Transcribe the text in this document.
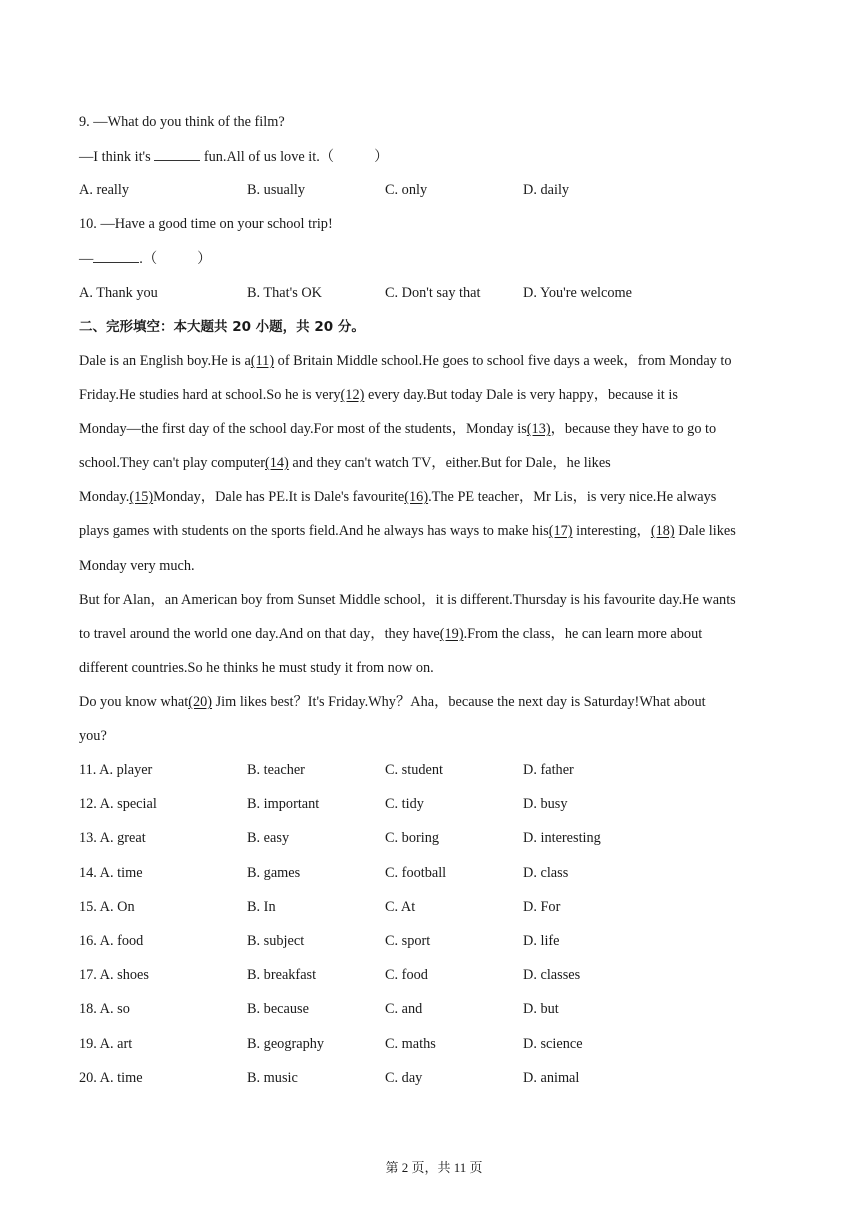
9. —What do you think of the film?
—I think it's	fun.All of us love it.（	）
A. really	B. usually	C. only	D. daily
10. —Have a good time on your school trip!
—	.（	）
A. Thank you	B. That's OK	C. Don't say that	D. You're welcome
二、完形填空：本大题共 20 小题，共 20 分。
Dale is an English boy.He is a(11) of Britain Middle school.He goes to school five days a week，from Monday to
Friday.He studies hard at school.So he is very(12) every day.But today Dale is very happy，because it is
Monday—the first day of the school day.For most of the students，Monday is(13)，because they have to go to
school.They can't play computer(14) and they can't watch TV，either.But for Dale，he likes
Monday.(15)Monday，Dale has PE.It is Dale's favourite(16).The PE teacher，Mr Lis，is very nice.He always
plays games with students on the sports field.And he always has ways to make his(17) interesting，(18) Dale likes
Monday very much.
But for Alan，an American boy from Sunset Middle school，it is different.Thursday is his favourite day.He wants
to travel around the world one day.And on that day，they have(19).From the class，he can learn more about
different countries.So he thinks he must study it from now on.
Do you know what(20) Jim likes best？It's Friday.Why？Aha，because the next day is Saturday!What about
you?
11. A. player	B. teacher	C. student	D. father
12. A. special	B. important	C. tidy	D. busy
13. A. great	B. easy	C. boring	D. interesting
14. A. time	B. games	C. football	D. class
15. A. On	B. In	C. At	D. For
16. A. food	B. subject	C. sport	D. life
17. A. shoes	B. breakfast	C. food	D. classes
18. A. so	B. because	C. and	D. but
19. A. art	B. geography	C. maths	D. science
20. A. time	B. music	C. day	D. animal
第 2 页，共 11 页
